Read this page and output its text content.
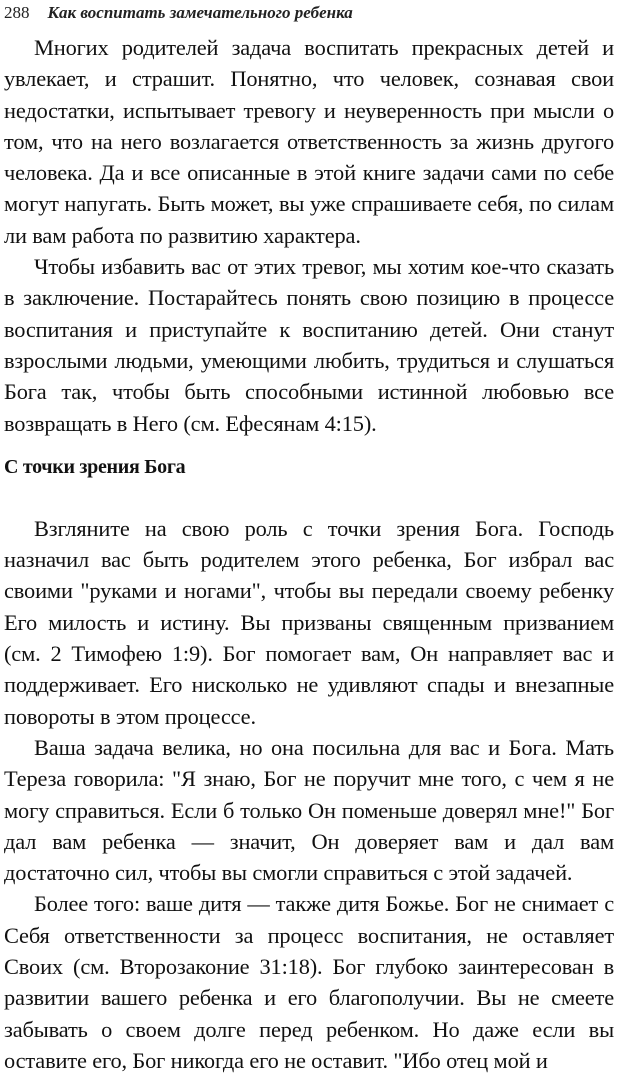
288 Как воспитать замечательного ребенка

Многих родителей задача воспитать прекрасных детей и увлекает, и страшит. Понятно, что человек, сознавая свои недостатки, испытывает тревогу и неуверенность при мысли о том, что на него возлагается ответственность за жизнь другого человека. Да и все описанные в этой книге задачи сами по себе могут напугать. Быть может, вы уже спрашиваете себя, по силам ли вам работа по развитию характера.

Чтобы избавить вас от этих тревог, мы хотим кое-что сказать в заключение. Постарайтесь понять свою позицию в процессе воспитания и приступайте к воспитанию детей. Они станут взрослыми людьми, умеющими любить, трудиться и слушаться Бога так, чтобы быть способными истинной любовью все возвращать в Него (см. Ефесянам 4:15).

С точки зрения Бога

Взгляните на свою роль с точки зрения Бога. Господь назначил вас быть родителем этого ребенка, Бог избрал вас своими "руками и ногами", чтобы вы передали своему ребенку Его милость и истину. Вы призваны священным призванием (см. 2 Тимофею 1:9). Бог помогает вам, Он направляет вас и поддерживает. Его нисколько не удивляют спады и внезапные повороты в этом процессе.

Ваша задача велика, но она посильна для вас и Бога. Мать Тереза говорила: "Я знаю, Бог не поручит мне того, с чем я не могу справиться. Если б только Он поменьше доверял мне!" Бог дал вам ребенка — значит, Он доверяет вам и дал вам достаточно сил, чтобы вы смогли справиться с этой задачей.

Более того: ваше дитя — также дитя Божье. Бог не снимает с Себя ответственности за процесс воспитания, не оставляет Своих (см. Второзаконие 31:18). Бог глубоко заинтересован в развитии вашего ребенка и его благополучии. Вы не смеете забывать о своем долге перед ребенком. Но даже если вы оставите его, Бог никогда его не оставит. "Ибо отец мой и
